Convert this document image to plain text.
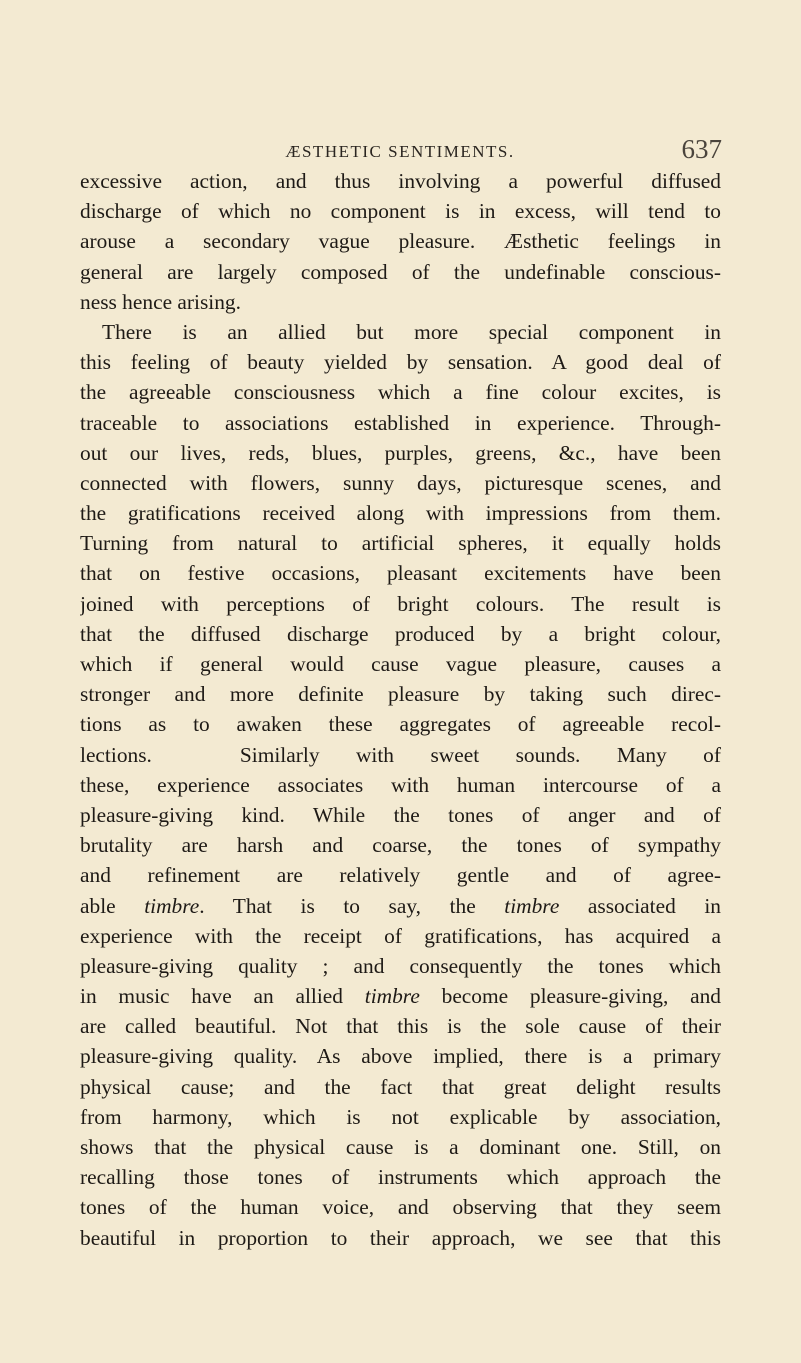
ÆSTHETIC SENTIMENTS.	637
excessive action, and thus involving a powerful diffused
discharge of which no component is in excess, will tend to
arouse a secondary vague pleasure. Æsthetic feelings in
general are largely composed of the undefinable conscious-
ness hence arising.
There is an allied but more special component in
this feeling of beauty yielded by sensation. A good deal of
the agreeable consciousness which a fine colour excites, is
traceable to associations established in experience. Through-
out our lives, reds, blues, purples, greens, &c., have been
connected with flowers, sunny days, picturesque scenes, and
the gratifications received along with impressions from them.
Turning from natural to artificial spheres, it equally holds
that on festive occasions, pleasant excitements have been
joined with perceptions of bright colours. The result is
that the diffused discharge produced by a bright colour,
which if general would cause vague pleasure, causes a
stronger and more definite pleasure by taking such direc-
tions as to awaken these aggregates of agreeable recol-
lections.	Similarly with sweet sounds. Many of
these, experience associates with human intercourse of a
pleasure-giving kind. While the tones of anger and of
brutality are harsh and coarse, the tones of sympathy
and refinement are relatively gentle and of agree-
able timbre. That is to say, the timbre associated in
experience with the receipt of gratifications, has acquired a
pleasure-giving quality ; and consequently the tones which
in music have an allied timbre become pleasure-giving, and
are called beautiful. Not that this is the sole cause of their
pleasure-giving quality. As above implied, there is a primary
physical cause; and the fact that great delight results
from harmony, which is not explicable by association,
shows that the physical cause is a dominant one. Still, on
recalling those tones of instruments which approach the
tones of the human voice, and observing that they seem
beautiful in proportion to their approach, we see that this
